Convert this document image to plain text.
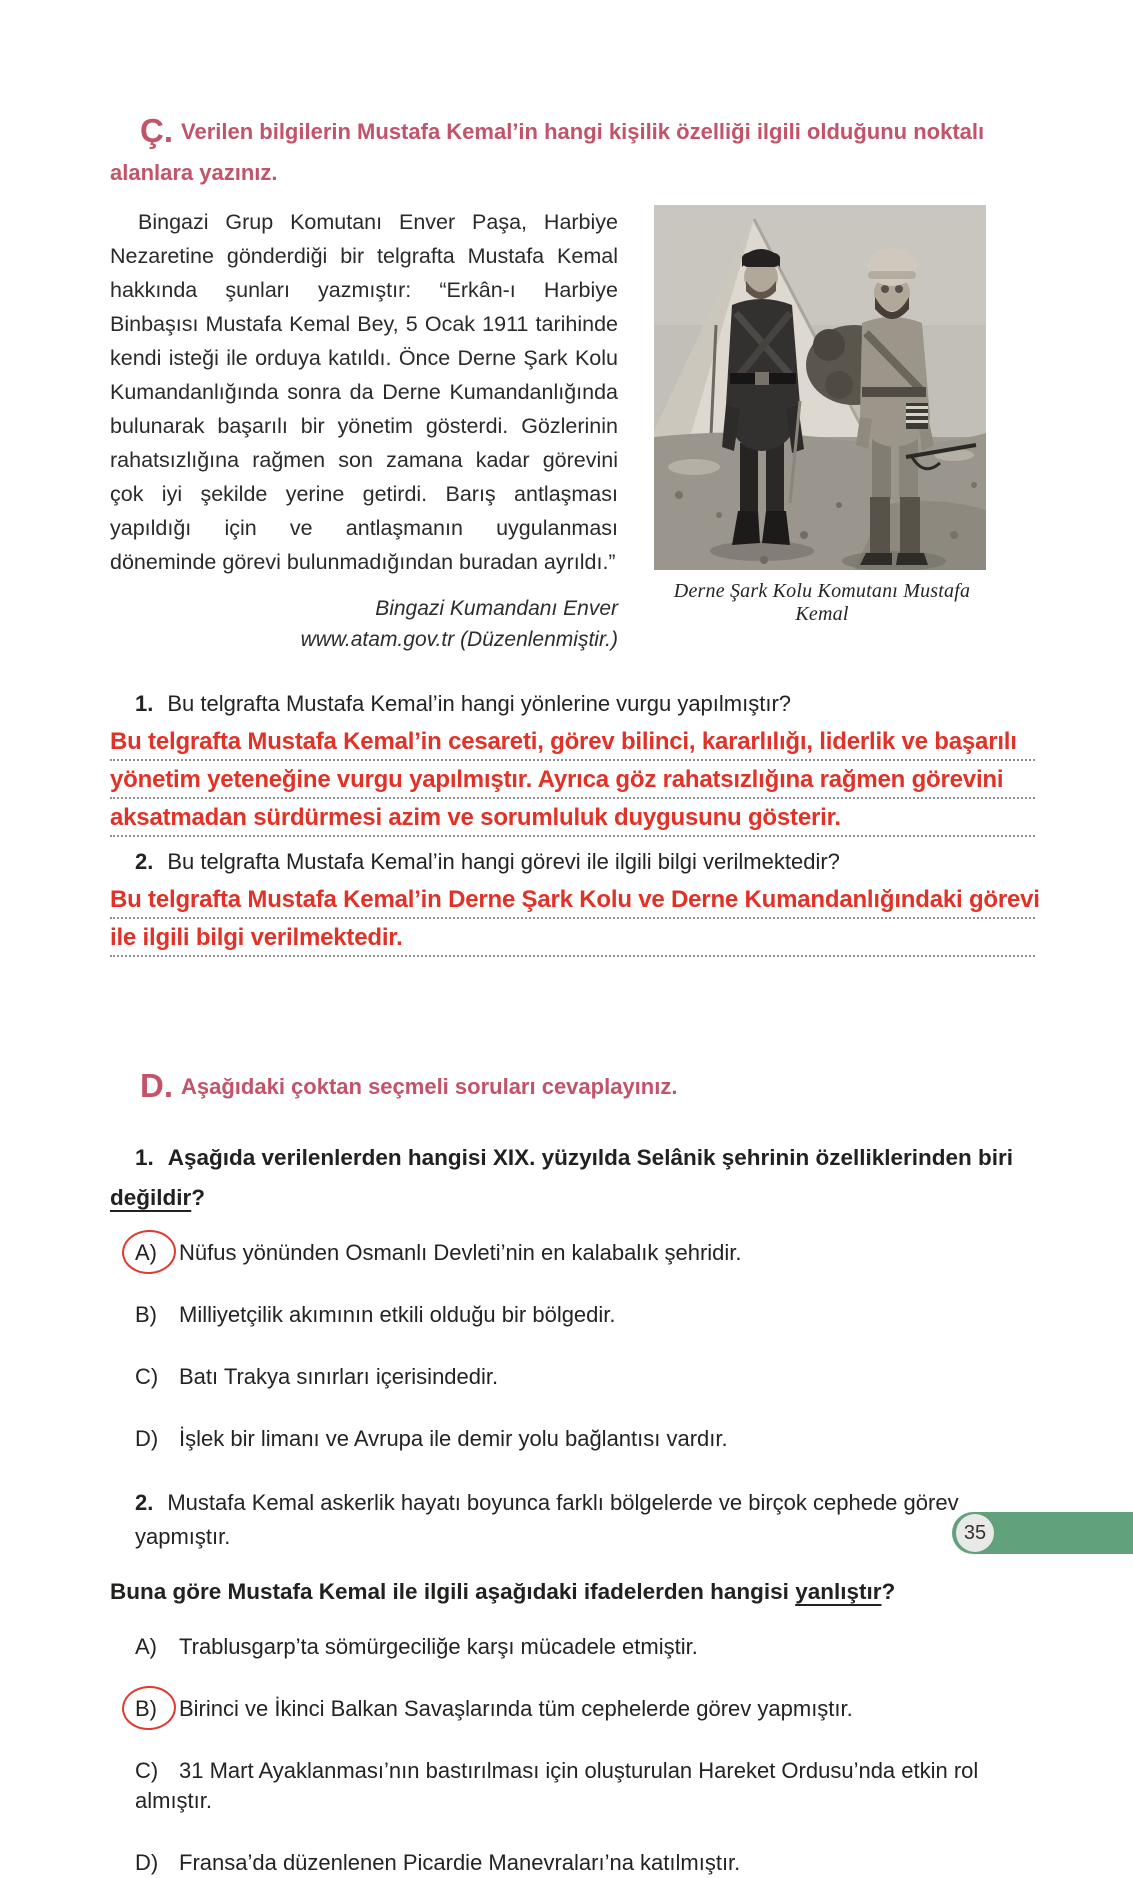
Ç. Verilen bilgilerin Mustafa Kemal’in hangi kişilik özelliği ilgili olduğunu noktalı alanlara yazınız.
Bingazi Grup Komutanı Enver Paşa, Harbiye Nezaretine gönderdiği bir telgrafta Mustafa Kemal hakkında şunları yazmıştır: “Erkân-ı Harbiye Binbaşısı Mustafa Kemal Bey, 5 Ocak 1911 tarihinde kendi isteği ile orduya katıldı. Önce Derne Şark Kolu Kumandanlığında sonra da Derne Kumandanlığında bulunarak başarılı bir yönetim gösterdi. Gözlerinin rahatsızlığına rağmen son zamana kadar görevini çok iyi şekilde yerine getirdi. Barış antlaşması yapıldığı için ve antlaşmanın uygulanması döneminde görevi bulunmadığından buradan ayrıldı.”
Bingazi Kumandanı Enver
www.atam.gov.tr (Düzenlenmiştir.)
Derne Şark Kolu Komutanı Mustafa Kemal
1. Bu telgrafta Mustafa Kemal’in hangi yönlerine vurgu yapılmıştır?
Bu telgrafta Mustafa Kemal’in cesareti, görev bilinci, kararlılığı, liderlik ve başarılı
yönetim yeteneğine vurgu yapılmıştır. Ayrıca göz rahatsızlığına rağmen görevini
aksatmadan sürdürmesi azim ve sorumluluk duygusunu gösterir.
2. Bu telgrafta Mustafa Kemal’in hangi görevi ile ilgili bilgi verilmektedir?
Bu telgrafta Mustafa Kemal’in Derne Şark Kolu ve Derne Kumandanlığındaki görevi
ile ilgili bilgi verilmektedir.
D. Aşağıdaki çoktan seçmeli soruları cevaplayınız.
1. Aşağıda verilenlerden hangisi XIX. yüzyılda Selânik şehrinin özelliklerinden biri değildir?
A) Nüfus yönünden Osmanlı Devleti’nin en kalabalık şehridir.
B) Milliyetçilik akımının etkili olduğu bir bölgedir.
C) Batı Trakya sınırları içerisindedir.
D) İşlek bir limanı ve Avrupa ile demir yolu bağlantısı vardır.
2. Mustafa Kemal askerlik hayatı boyunca farklı bölgelerde ve birçok cephede görev yapmıştır.
Buna göre Mustafa Kemal ile ilgili aşağıdaki ifadelerden hangisi yanlıştır?
A) Trablusgarp’ta sömürgeciliğe karşı mücadele etmiştir.
B) Birinci ve İkinci Balkan Savaşlarında tüm cephelerde görev yapmıştır.
C) 31 Mart Ayaklanması’nın bastırılması için oluşturulan Hareket Ordusu’nda etkin rol almıştır.
D) Fransa’da düzenlenen Picardie Manevraları’na katılmıştır.
35
